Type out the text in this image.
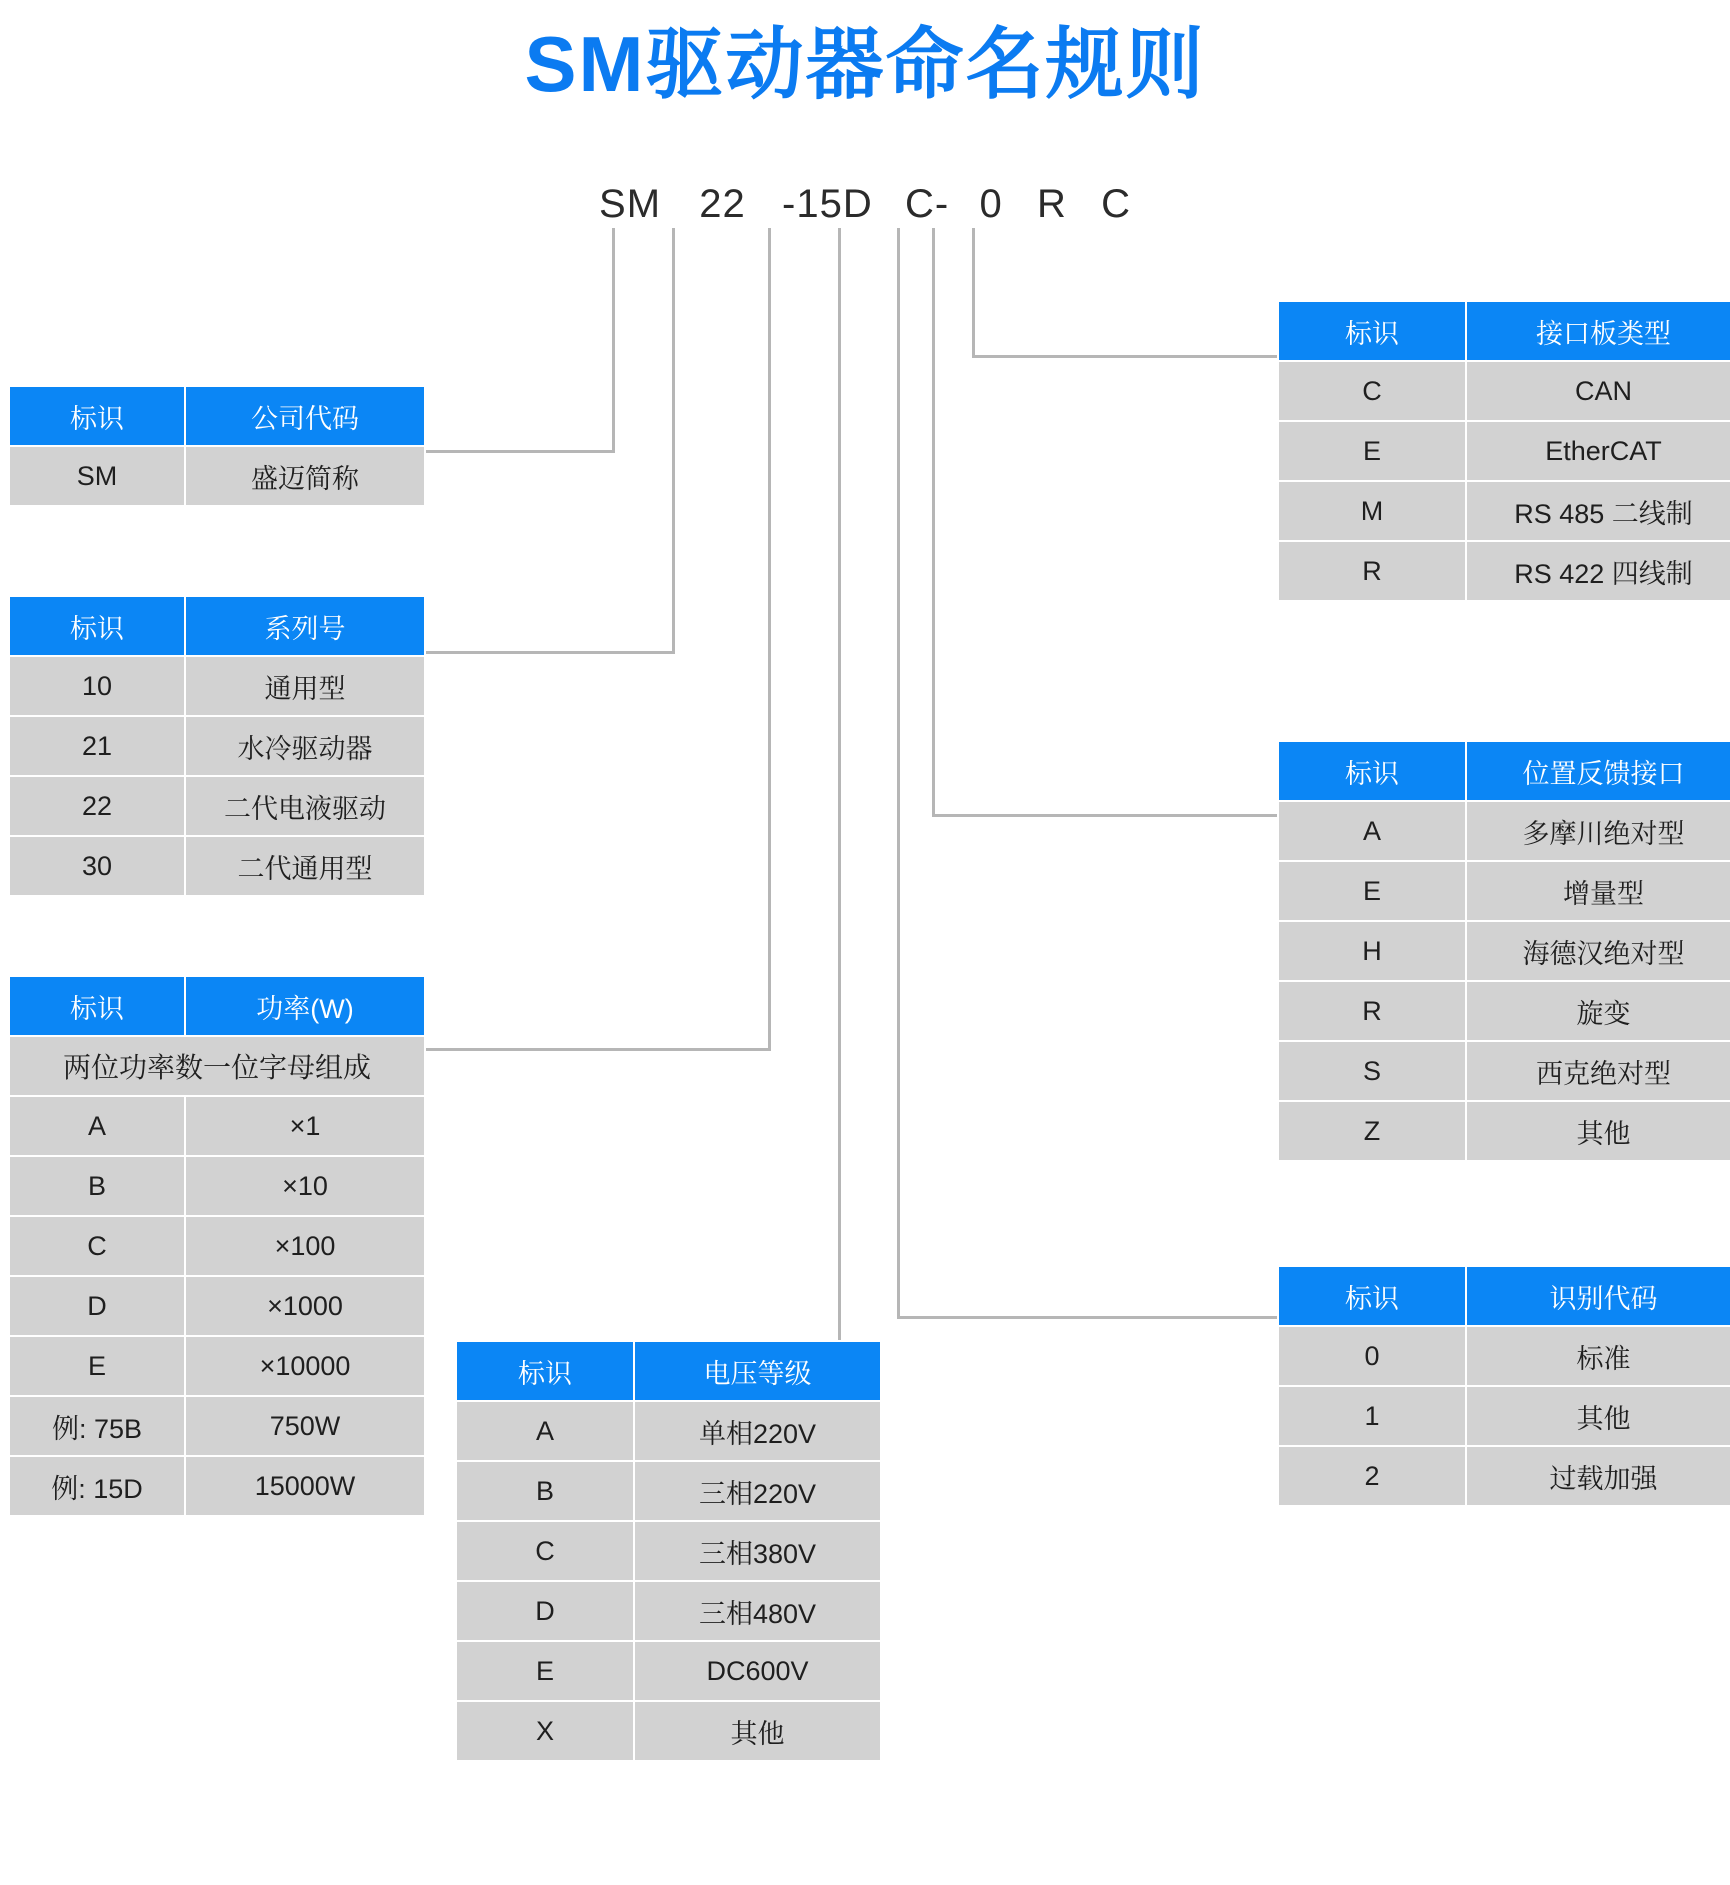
SM驱动器命名规则
SM 22 -15D C- 0 R C
标识	公司代码
SM	盛迈简称
标识	系列号
10	通用型
21	水冷驱动器
22	二代电液驱动
30	二代通用型
标识	功率(W)
两位功率数一位字母组成	
A	×1
B	×10
C	×100
D	×1000
E	×10000
例: 75B	750W
例: 15D	15000W
标识	电压等级
A	单相220V
B	三相220V
C	三相380V
D	三相480V
E	DC600V
X	其他
标识	接口板类型
C	CAN
E	EtherCAT
M	RS 485 二线制
R	RS 422 四线制
标识	位置反馈接口
A	多摩川绝对型
E	增量型
H	海德汉绝对型
R	旋变
S	西克绝对型
Z	其他
标识	识别代码
0	标准
1	其他
2	过载加强
